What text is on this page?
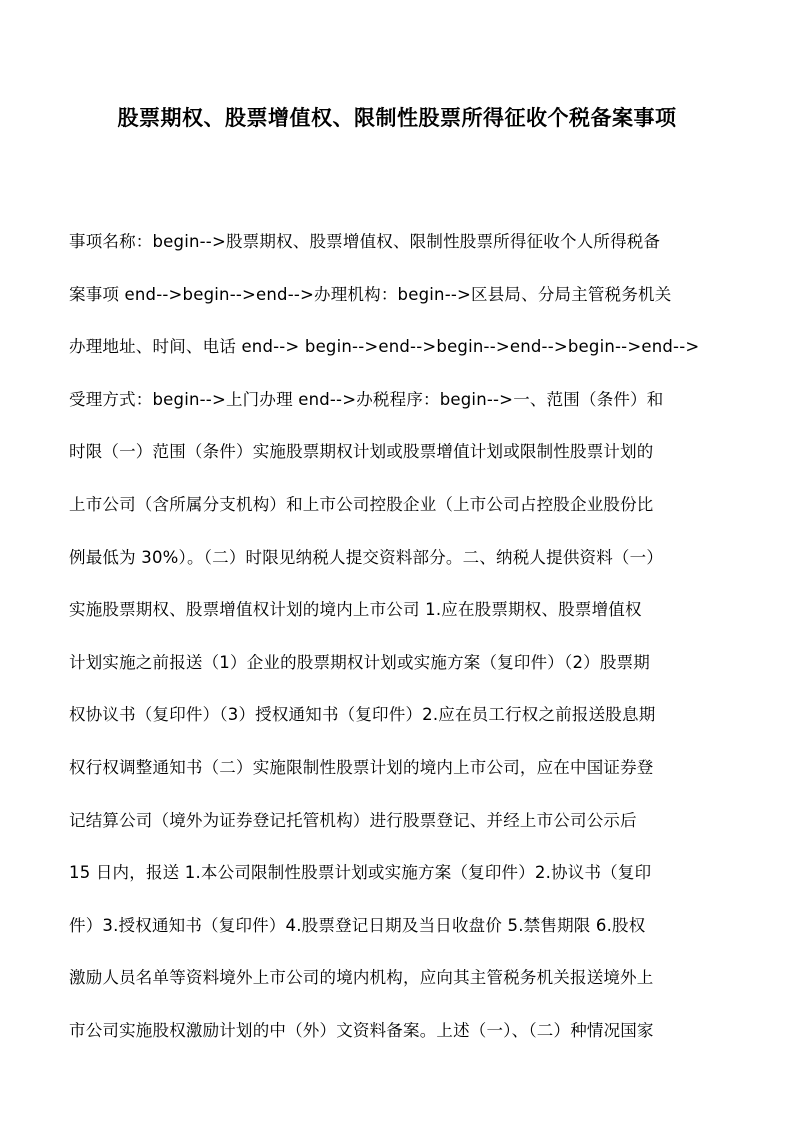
股票期权、股票增值权、限制性股票所得征收个税备案事项
事项名称：begin-->股票期权、股票增值权、限制性股票所得征收个人所得税备
案事项 end-->begin-->end-->办理机构：begin-->区县局、分局主管税务机关
办理地址、时间、电话 end--> begin-->end-->begin-->end-->begin-->end-->
受理方式：begin-->上门办理 end-->办税程序：begin-->一、范围（条件）和
时限（一）范围（条件）实施股票期权计划或股票增值计划或限制性股票计划的
上市公司（含所属分支机构）和上市公司控股企业（上市公司占控股企业股份比
例最低为 30%）。（二）时限见纳税人提交资料部分。二、纳税人提供资料（一）
实施股票期权、股票增值权计划的境内上市公司 1.应在股票期权、股票增值权
计划实施之前报送（1）企业的股票期权计划或实施方案（复印件）（2）股票期
权协议书（复印件）（3）授权通知书（复印件）2.应在员工行权之前报送股息期
权行权调整通知书（二）实施限制性股票计划的境内上市公司，应在中国证券登
记结算公司（境外为证券登记托管机构）进行股票登记、并经上市公司公示后
15 日内，报送 1.本公司限制性股票计划或实施方案（复印件）2.协议书（复印
件）3.授权通知书（复印件）4.股票登记日期及当日收盘价 5.禁售期限 6.股权
激励人员名单等资料境外上市公司的境内机构，应向其主管税务机关报送境外上
市公司实施股权激励计划的中（外）文资料备案。上述（一）、（二）种情况国家
